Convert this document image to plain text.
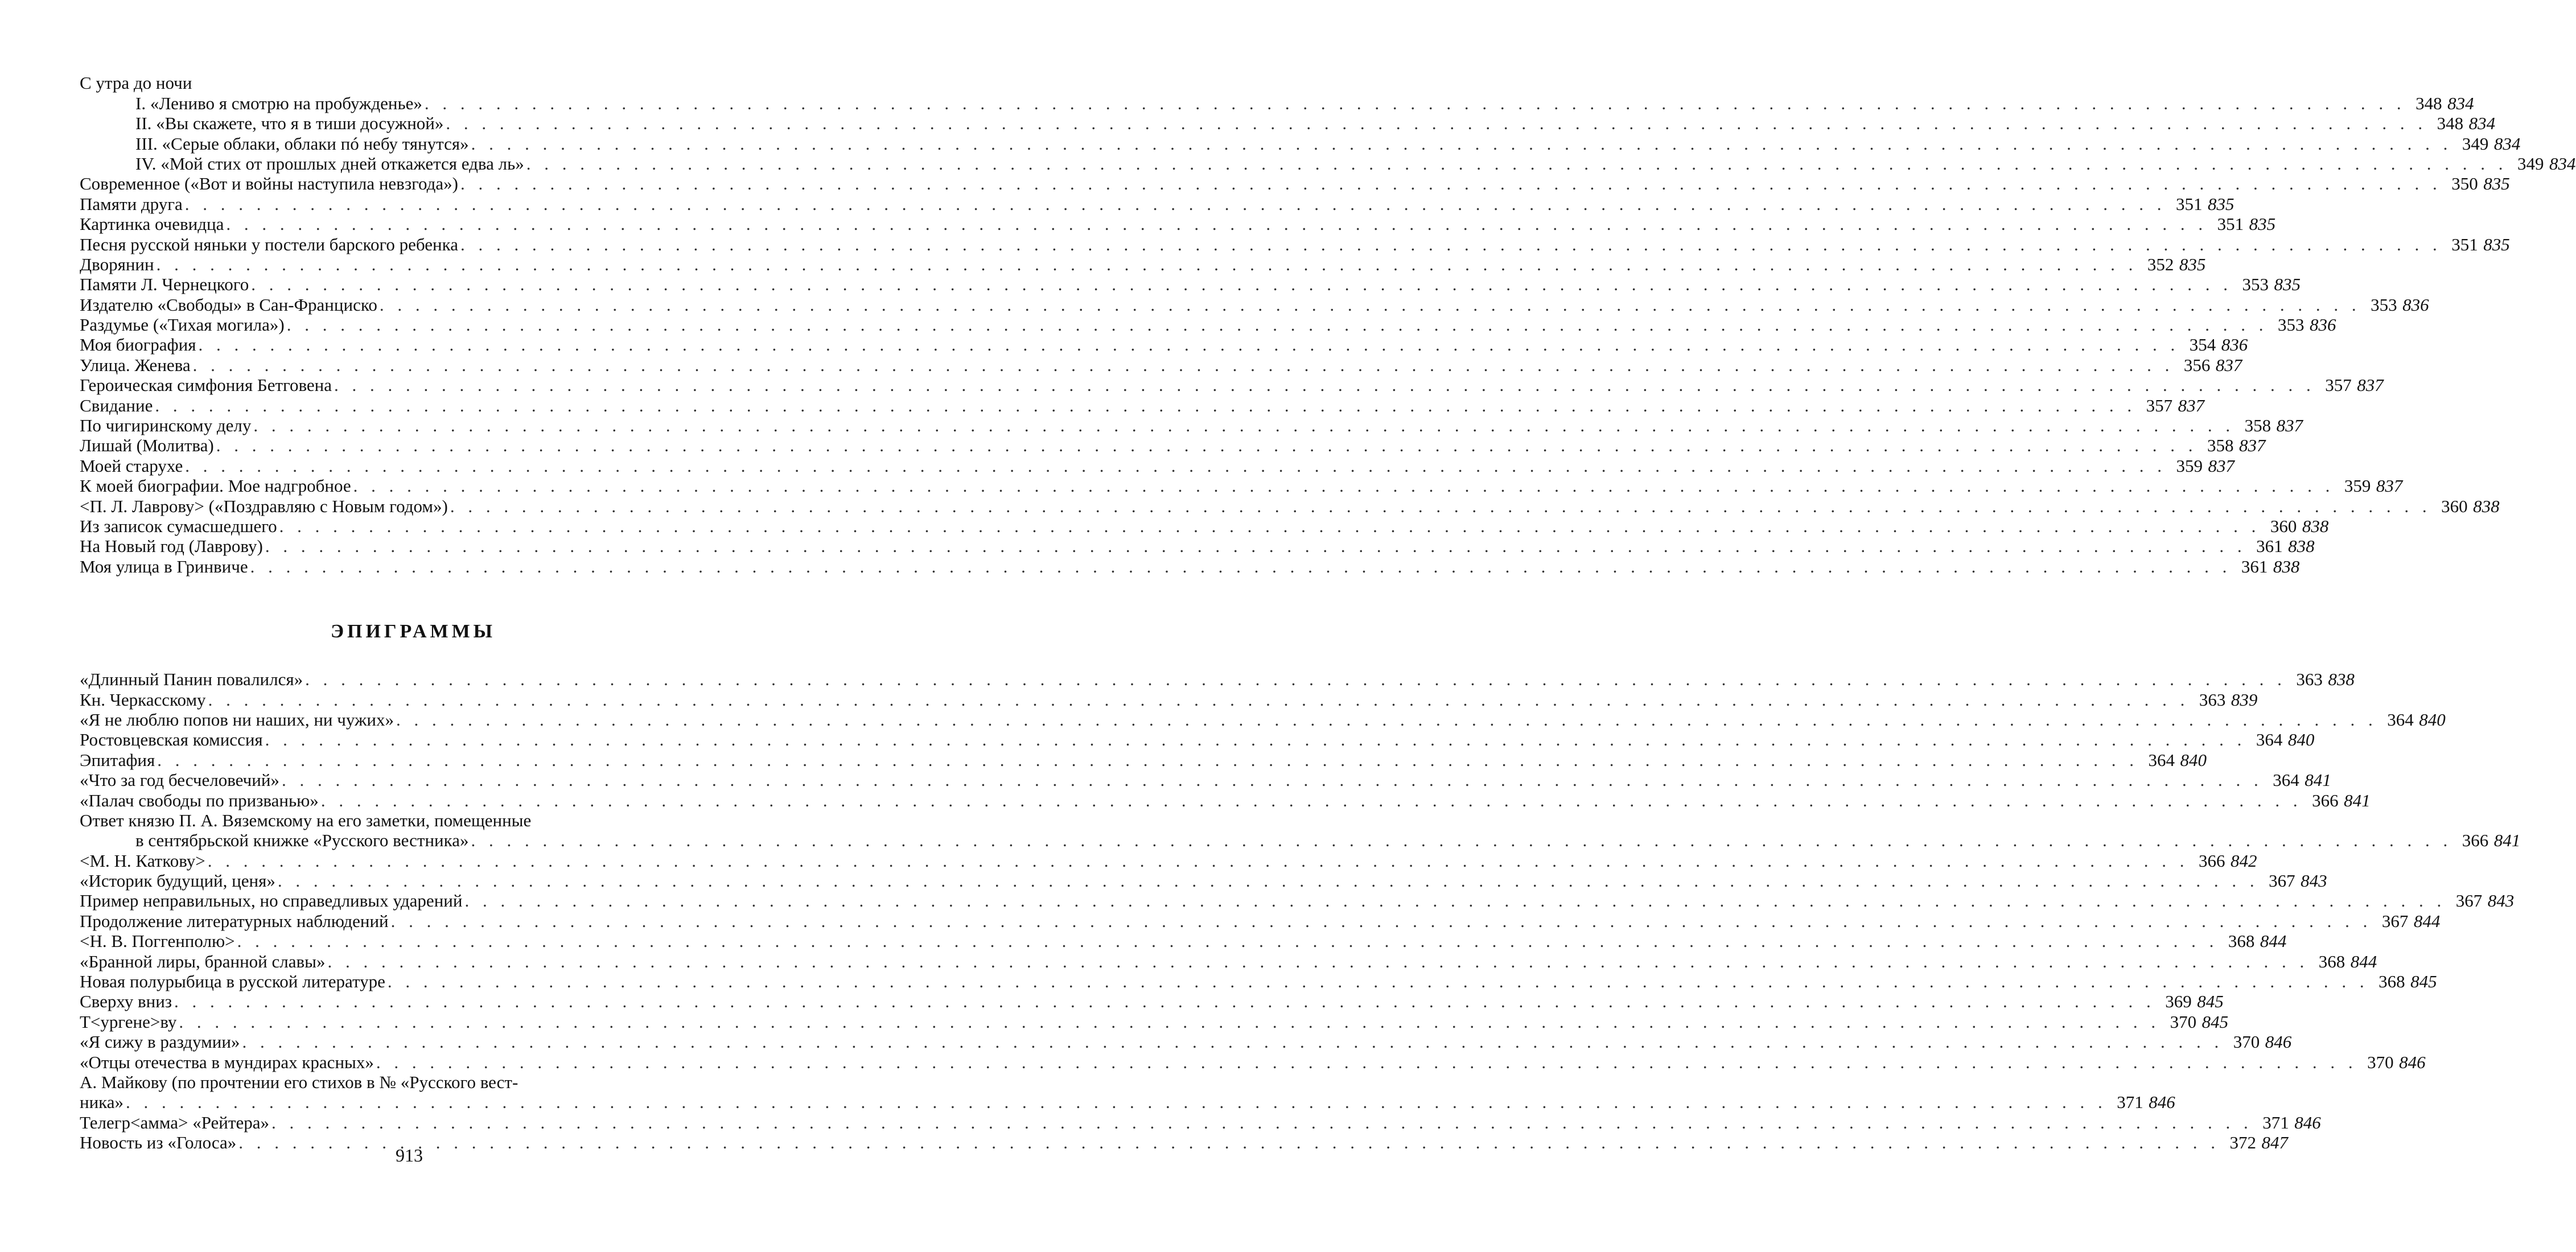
С утра до ночи
I. «Лениво я смотрю на пробужденье» . . .	348 834
II. «Вы скажете, что я в тиши досужной» . . .	348 834
III. «Серые облаки, облаки пó небу тянутся» . . .	349 834
IV. «Мой стих от прошлых дней откажется едва ль» . . .	349 834
Современное («Вот и войны наступила невзгода») . . .	350 835
Памяти друга . . .	351 835
Картинка очевидца . . .	351 835
Песня русской няньки у постели барского ребенка . . .	351 835
Дворянин . . .	352 835
Памяти Л. Чернецкого . . .	353 835
Издателю «Свободы» в Сан-Франциско . . .	353 836
Раздумье («Тихая могила») . . .	353 836
Моя биография . . .	354 836
Улица. Женева . . .	356 837
Героическая симфония Бетговена . . .	357 837
Свидание . . .	357 837
По чигиринскому делу . . .	358 837
Лишай (Молитва) . . .	358 837
Моей старухе . . .	359 837
К моей биографии. Мое надгробное . . .	359 837
<П. Л. Лаврову> («Поздравляю с Новым годом») . . .	360 838
Из записок сумасшедшего . . .	360 838
На Новый год (Лаврову) . . .	361 838
Моя улица в Гринвиче . . .	361 838
ЭПИГРАММЫ
«Длинный Панин повалился» . . .	363 838
Кн. Черкасскому . . .	363 839
«Я не люблю попов ни наших, ни чужих» . . .	364 840
Ростовцевская комиссия . . .	364 840
Эпитафия . . .	364 840
«Что за год бесчеловечий» . . .	364 841
«Палач свободы по призванью» . . .	366 841
Ответ князю П. А. Вяземскому на его заметки, помещенные
в сентябрьской книжке «Русского вестника» . . .	366 841
<М. Н. Каткову> . . .	366 842
«Историк будущий, ценя» . . .	367 843
Пример неправильных, но справедливых ударений . . .	367 843
Продолжение литературных наблюдений . . .	367 844
<Н. В. Поггенполю> . . .	368 844
«Бранной лиры, бранной славы» . . .	368 844
Новая полурыбица в русской литературе . . .	368 845
Сверху вниз . . .	369 845
Т<ургене>ву . . .	370 845
«Я сижу в раздумии» . . .	370 846
«Отцы отечества в мундирах красных» . . .	370 846
А. Майкову (по прочтении его стихов в № «Русского вест-
ника» . . .	371 846
Телегр<амма> «Рейтера» . . .	371 846
Новость из «Голоса» . . .	372 847
913
